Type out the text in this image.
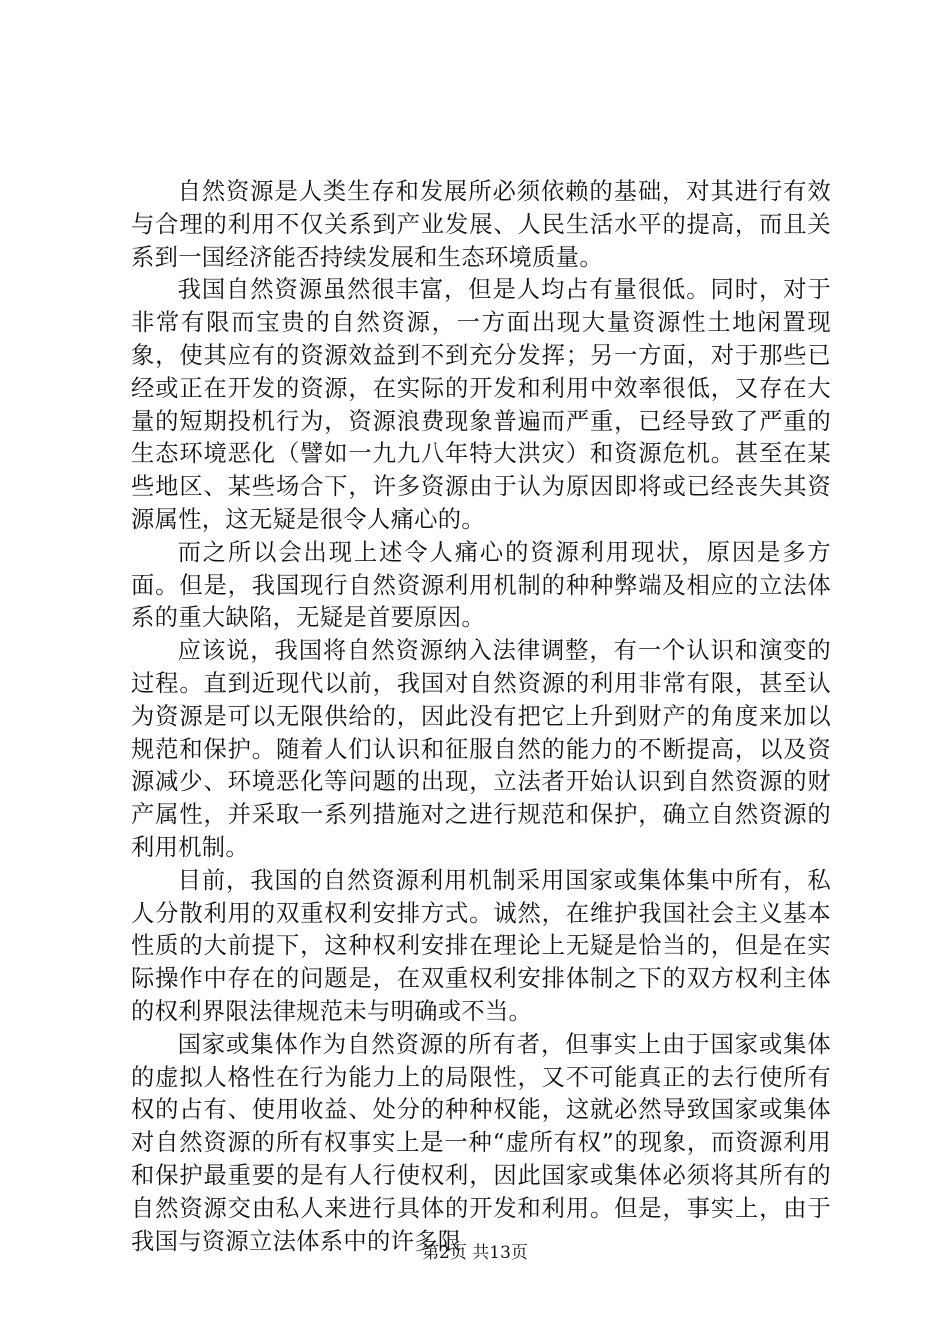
自然资源是人类生存和发展所必须依赖的基础，对其进行有效与合理的利用不仅关系到产业发展、人民生活水平的提高，而且关系到一国经济能否持续发展和生态环境质量。

我国自然资源虽然很丰富，但是人均占有量很低。同时，对于非常有限而宝贵的自然资源，一方面出现大量资源性土地闲置现象，使其应有的资源效益到不到充分发挥；另一方面，对于那些已经或正在开发的资源，在实际的开发和利用中效率很低，又存在大量的短期投机行为，资源浪费现象普遍而严重，已经导致了严重的生态环境恶化（譬如一九九八年特大洪灾）和资源危机。甚至在某些地区、某些场合下，许多资源由于认为原因即将或已经丧失其资源属性，这无疑是很令人痛心的。

而之所以会出现上述令人痛心的资源利用现状，原因是多方面。但是，我国现行自然资源利用机制的种种弊端及相应的立法体系的重大缺陷，无疑是首要原因。

应该说，我国将自然资源纳入法律调整，有一个认识和演变的过程。直到近现代以前，我国对自然资源的利用非常有限，甚至认为资源是可以无限供给的，因此没有把它上升到财产的角度来加以规范和保护。随着人们认识和征服自然的能力的不断提高，以及资源减少、环境恶化等问题的出现，立法者开始认识到自然资源的财产属性，并采取一系列措施对之进行规范和保护，确立自然资源的利用机制。

目前，我国的自然资源利用机制采用国家或集体集中所有，私人分散利用的双重权利安排方式。诚然，在维护我国社会主义基本性质的大前提下，这种权利安排在理论上无疑是恰当的，但是在实际操作中存在的问题是，在双重权利安排体制之下的双方权利主体的权利界限法律规范未与明确或不当。

国家或集体作为自然资源的所有者，但事实上由于国家或集体的虚拟人格性在行为能力上的局限性，又不可能真正的去行使所有权的占有、使用收益、处分的种种权能，这就必然导致国家或集体对自然资源的所有权事实上是一种“虚所有权”的现象，而资源利用和保护最重要的是有人行使权利，因此国家或集体必须将其所有的自然资源交由私人来进行具体的开发和利用。但是，事实上，由于我国与资源立法体系中的许多限

第2页 共13页
